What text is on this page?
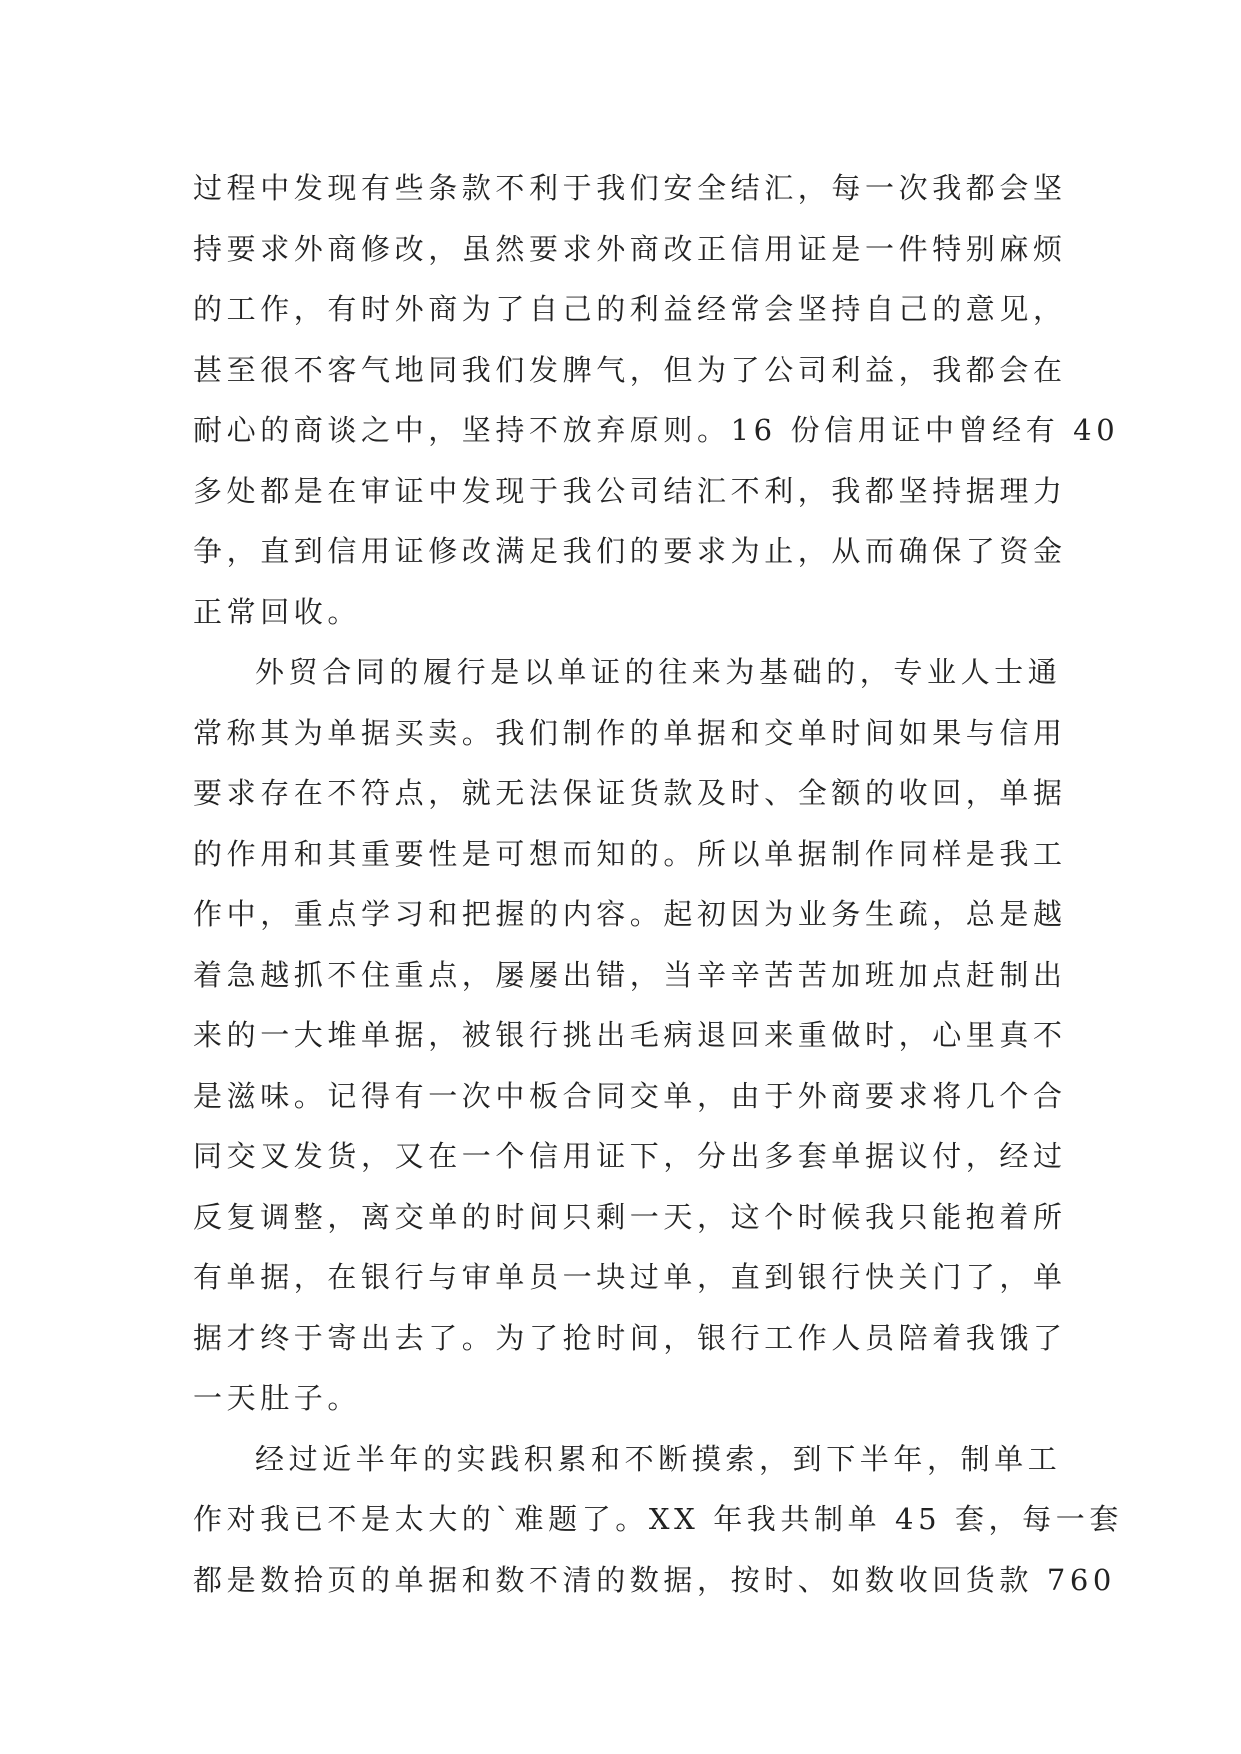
过程中发现有些条款不利于我们安全结汇，每一次我都会坚
持要求外商修改，虽然要求外商改正信用证是一件特别麻烦
的工作，有时外商为了自己的利益经常会坚持自己的意见，
甚至很不客气地同我们发脾气，但为了公司利益，我都会在
耐心的商谈之中，坚持不放弃原则。16 份信用证中曾经有 40
多处都是在审证中发现于我公司结汇不利，我都坚持据理力
争，直到信用证修改满足我们的要求为止，从而确保了资金
正常回收。
外贸合同的履行是以单证的往来为基础的，专业人士通
常称其为单据买卖。我们制作的单据和交单时间如果与信用
要求存在不符点，就无法保证货款及时、全额的收回，单据
的作用和其重要性是可想而知的。所以单据制作同样是我工
作中，重点学习和把握的内容。起初因为业务生疏，总是越
着急越抓不住重点，屡屡出错，当辛辛苦苦加班加点赶制出
来的一大堆单据，被银行挑出毛病退回来重做时，心里真不
是滋味。记得有一次中板合同交单，由于外商要求将几个合
同交叉发货，又在一个信用证下，分出多套单据议付，经过
反复调整，离交单的时间只剩一天，这个时候我只能抱着所
有单据，在银行与审单员一块过单，直到银行快关门了，单
据才终于寄出去了。为了抢时间，银行工作人员陪着我饿了
一天肚子。
经过近半年的实践积累和不断摸索，到下半年，制单工
作对我已不是太大的`难题了。XX 年我共制单 45 套，每一套
都是数拾页的单据和数不清的数据，按时、如数收回货款 760
